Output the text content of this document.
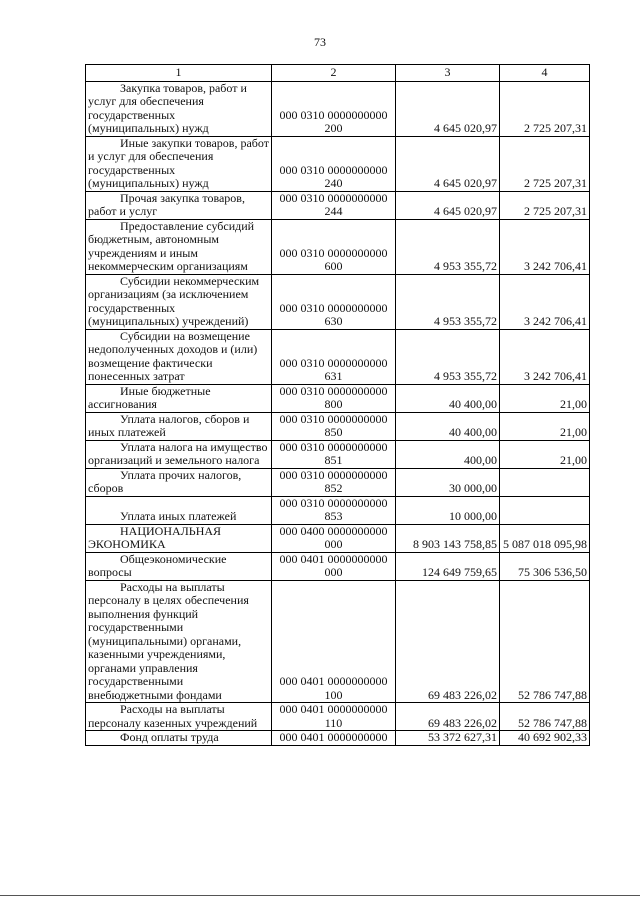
73
1	2	3	4
Закупка товаров, работ и услуг для обеспечения государственных (муниципальных) нужд	000 0310 0000000000 200	4 645 020,97	2 725 207,31
Иные закупки товаров, работ и услуг для обеспечения государственных (муниципальных) нужд	000 0310 0000000000 240	4 645 020,97	2 725 207,31
Прочая закупка товаров, работ и услуг	000 0310 0000000000 244	4 645 020,97	2 725 207,31
Предоставление субсидий бюджетным, автономным учреждениям и иным некоммерческим организациям	000 0310 0000000000 600	4 953 355,72	3 242 706,41
Субсидии некоммерческим организациям (за исключением государственных (муниципальных) учреждений)	000 0310 0000000000 630	4 953 355,72	3 242 706,41
Субсидии на возмещение недополученных доходов и (или) возмещение фактически понесенных затрат	000 0310 0000000000 631	4 953 355,72	3 242 706,41
Иные бюджетные ассигнования	000 0310 0000000000 800	40 400,00	21,00
Уплата налогов, сборов и иных платежей	000 0310 0000000000 850	40 400,00	21,00
Уплата налога на имущество организаций и земельного налога	000 0310 0000000000 851	400,00	21,00
Уплата прочих налогов, сборов	000 0310 0000000000 852	30 000,00	
Уплата иных платежей	000 0310 0000000000 853	10 000,00	
НАЦИОНАЛЬНАЯ ЭКОНОМИКА	000 0400 0000000000 000	8 903 143 758,85	5 087 018 095,98
Общеэкономические вопросы	000 0401 0000000000 000	124 649 759,65	75 306 536,50
Расходы на выплаты персоналу в целях обеспечения выполнения функций государственными (муниципальными) органами, казенными учреждениями, органами управления государственными внебюджетными фондами	000 0401 0000000000 100	69 483 226,02	52 786 747,88
Расходы на выплаты персоналу казенных учреждений	000 0401 0000000000 110	69 483 226,02	52 786 747,88
Фонд оплаты труда	000 0401 0000000000	53 372 627,31	40 692 902,33
